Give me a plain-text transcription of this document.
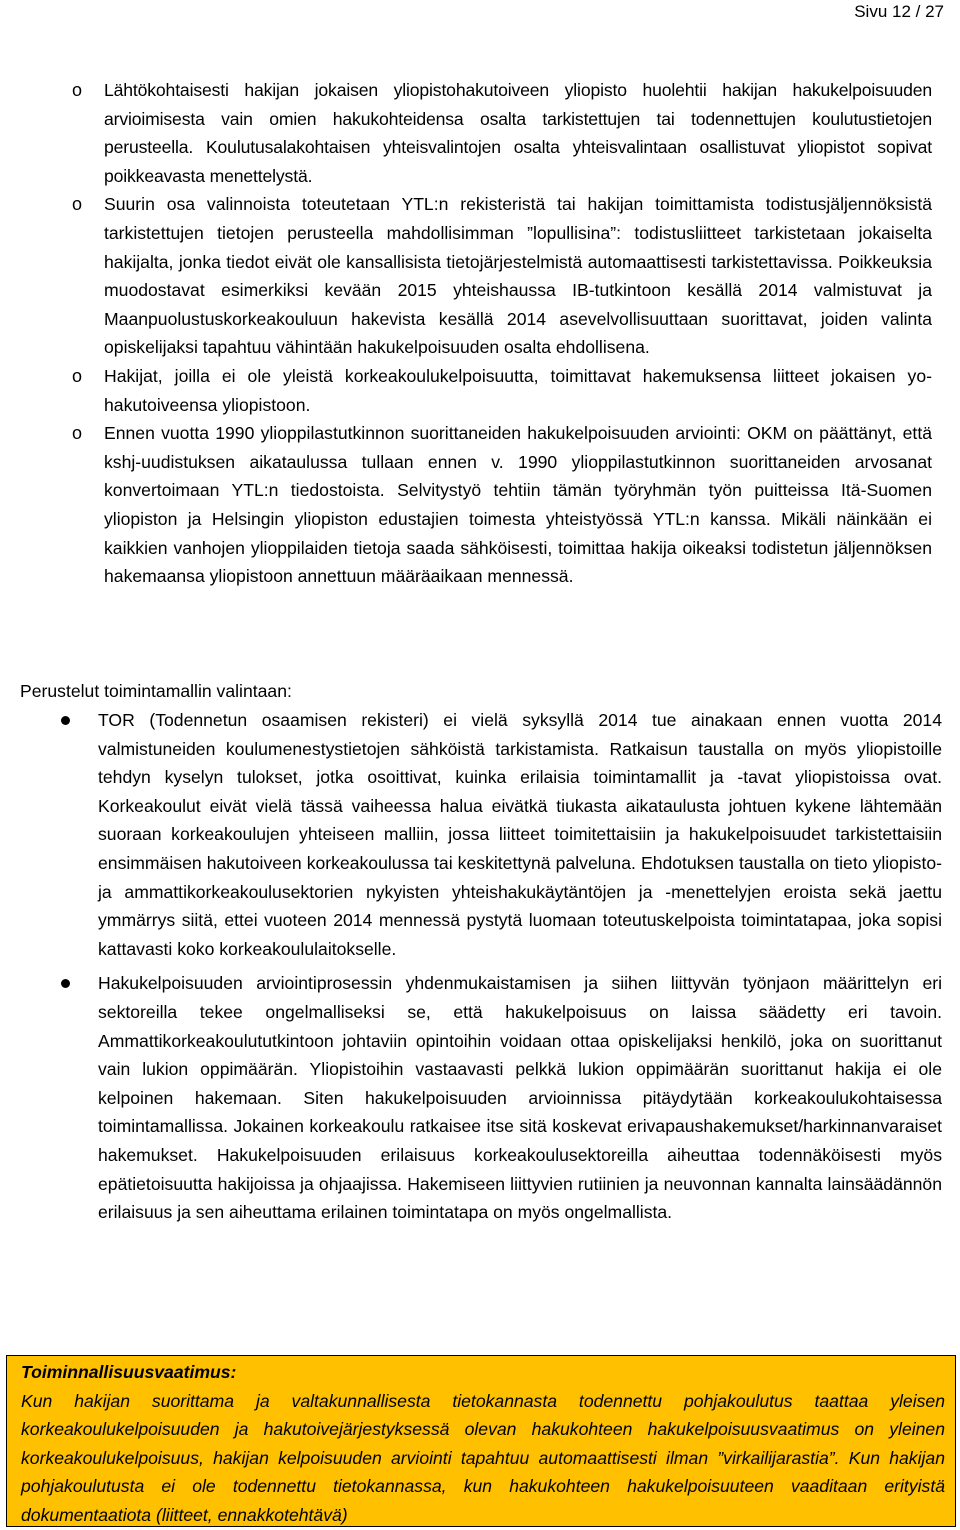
Sivu 12 / 27
o Lähtökohtaisesti hakijan jokaisen yliopistohakutoiveen yliopisto huolehtii hakijan hakukelpoisuuden arvioimisesta vain omien hakukohteidensa osalta tarkistettujen tai todennettujen koulutustietojen perusteella. Koulutusalakohtaisen yhteisvalintojen osalta yhteisvalintaan osallistuvat yliopistot sopivat poikkeavasta menettelystä.
o Suurin osa valinnoista toteutetaan YTL:n rekisteristä tai hakijan toimittamista todistusjäljennöksistä tarkistettujen tietojen perusteella mahdollisimman ”lopullisina”: todistusliitteet tarkistetaan jokaiselta hakijalta, jonka tiedot eivät ole kansallisista tietojärjestelmistä automaattisesti tarkistettavissa. Poikkeuksia muodostavat esimerkiksi kevään 2015 yhteishaussa IB-tutkintoon kesällä 2014 valmistuvat ja Maanpuolustuskorkeakouluun hakevista kesällä 2014 asevelvollisuuttaan suorittavat, joiden valinta opiskelijaksi tapahtuu vähintään hakukelpoisuuden osalta ehdollisena.
o Hakijat, joilla ei ole yleistä korkeakoulukelpoisuutta, toimittavat hakemuksensa liitteet jokaisen yo-hakutoiveensa yliopistoon.
o Ennen vuotta 1990 ylioppilastutkinnon suorittaneiden hakukelpoisuuden arviointi: OKM on päättänyt, että kshj-uudistuksen aikataulussa tullaan ennen v. 1990 ylioppilastutkinnon suorittaneiden arvosanat konvertoimaan YTL:n tiedostoista. Selvitystyö tehtiin tämän työryhmän työn puitteissa Itä-Suomen yliopiston ja Helsingin yliopiston edustajien toimesta yhteistyössä YTL:n kanssa. Mikäli näinkään ei kaikkien vanhojen ylioppilaiden tietoja saada sähköisesti, toimittaa hakija oikeaksi todistetun jäljennöksen hakemaansa yliopistoon annettuun määräaikaan mennessä.
Perustelut toimintamallin valintaan:
TOR (Todennetun osaamisen rekisteri) ei vielä syksyllä 2014 tue ainakaan ennen vuotta 2014 valmistuneiden koulumenestystietojen sähköistä tarkistamista. Ratkaisun taustalla on myös yliopistoille tehdyn kyselyn tulokset, jotka osoittivat, kuinka erilaisia toimintamallit ja -tavat yliopistoissa ovat. Korkeakoulut eivät vielä tässä vaiheessa halua eivätkä tiukasta aikataulusta johtuen kykene lähtemään suoraan korkeakoulujen yhteiseen malliin, jossa liitteet toimitettaisiin ja hakukelpoisuudet tarkistettaisiin ensimmäisen hakutoiveen korkeakoulussa tai keskitettynä palveluna. Ehdotuksen taustalla on tieto yliopisto- ja ammattikorkeakoulusektorien nykyisten yhteishakukäytäntöjen ja -menettelyjen eroista sekä jaettu ymmärrys siitä, ettei vuoteen 2014 mennessä pystytä luomaan toteutuskelpoista toimintatapaa, joka sopisi kattavasti koko korkeakoululaitokselle.
Hakukelpoisuuden arviointiprosessin yhdenmukaistamisen ja siihen liittyvän työnjaon määrittelyn eri sektoreilla tekee ongelmalliseksi se, että hakukelpoisuus on laissa säädetty eri tavoin. Ammattikorkeakoulututkintoon johtaviin opintoihin voidaan ottaa opiskelijaksi henkilö, joka on suorittanut vain lukion oppimäärän. Yliopistoihin vastaavasti pelkkä lukion oppimäärän suorittanut hakija ei ole kelpoinen hakemaan. Siten hakukelpoisuuden arvioinnissa pitäydytään korkeakoulukohtaisessa toimintamallissa. Jokainen korkeakoulu ratkaisee itse sitä koskevat erivapaushakemukset/harkinnanvaraiset hakemukset. Hakukelpoisuuden erilaisuus korkeakoulusektoreilla aiheuttaa todennäköisesti myös epätietoisuutta hakijoissa ja ohjaajissa. Hakemiseen liittyvien rutiinien ja neuvonnan kannalta lainsäädännön erilaisuus ja sen aiheuttama erilainen toimintatapa on myös ongelmallista.
Toiminnallisuusvaatimus:
Kun hakijan suorittama ja valtakunnallisesta tietokannasta todennettu pohjakoulutus taattaa yleisen korkeakoulukelpoisuuden ja hakutoivejärjestyksessä olevan hakukohteen hakukelpoisuusvaatimus on yleinen korkeakoulukelpoisuus, hakijan kelpoisuuden arviointi tapahtuu automaattisesti ilman ”virkailijarastia”. Kun hakijan pohjakoulutusta ei ole todennettu tietokannassa, kun hakukohteen hakukelpoisuuteen vaaditaan erityistä dokumentaatiota (liitteet, ennakkotehtävä)
